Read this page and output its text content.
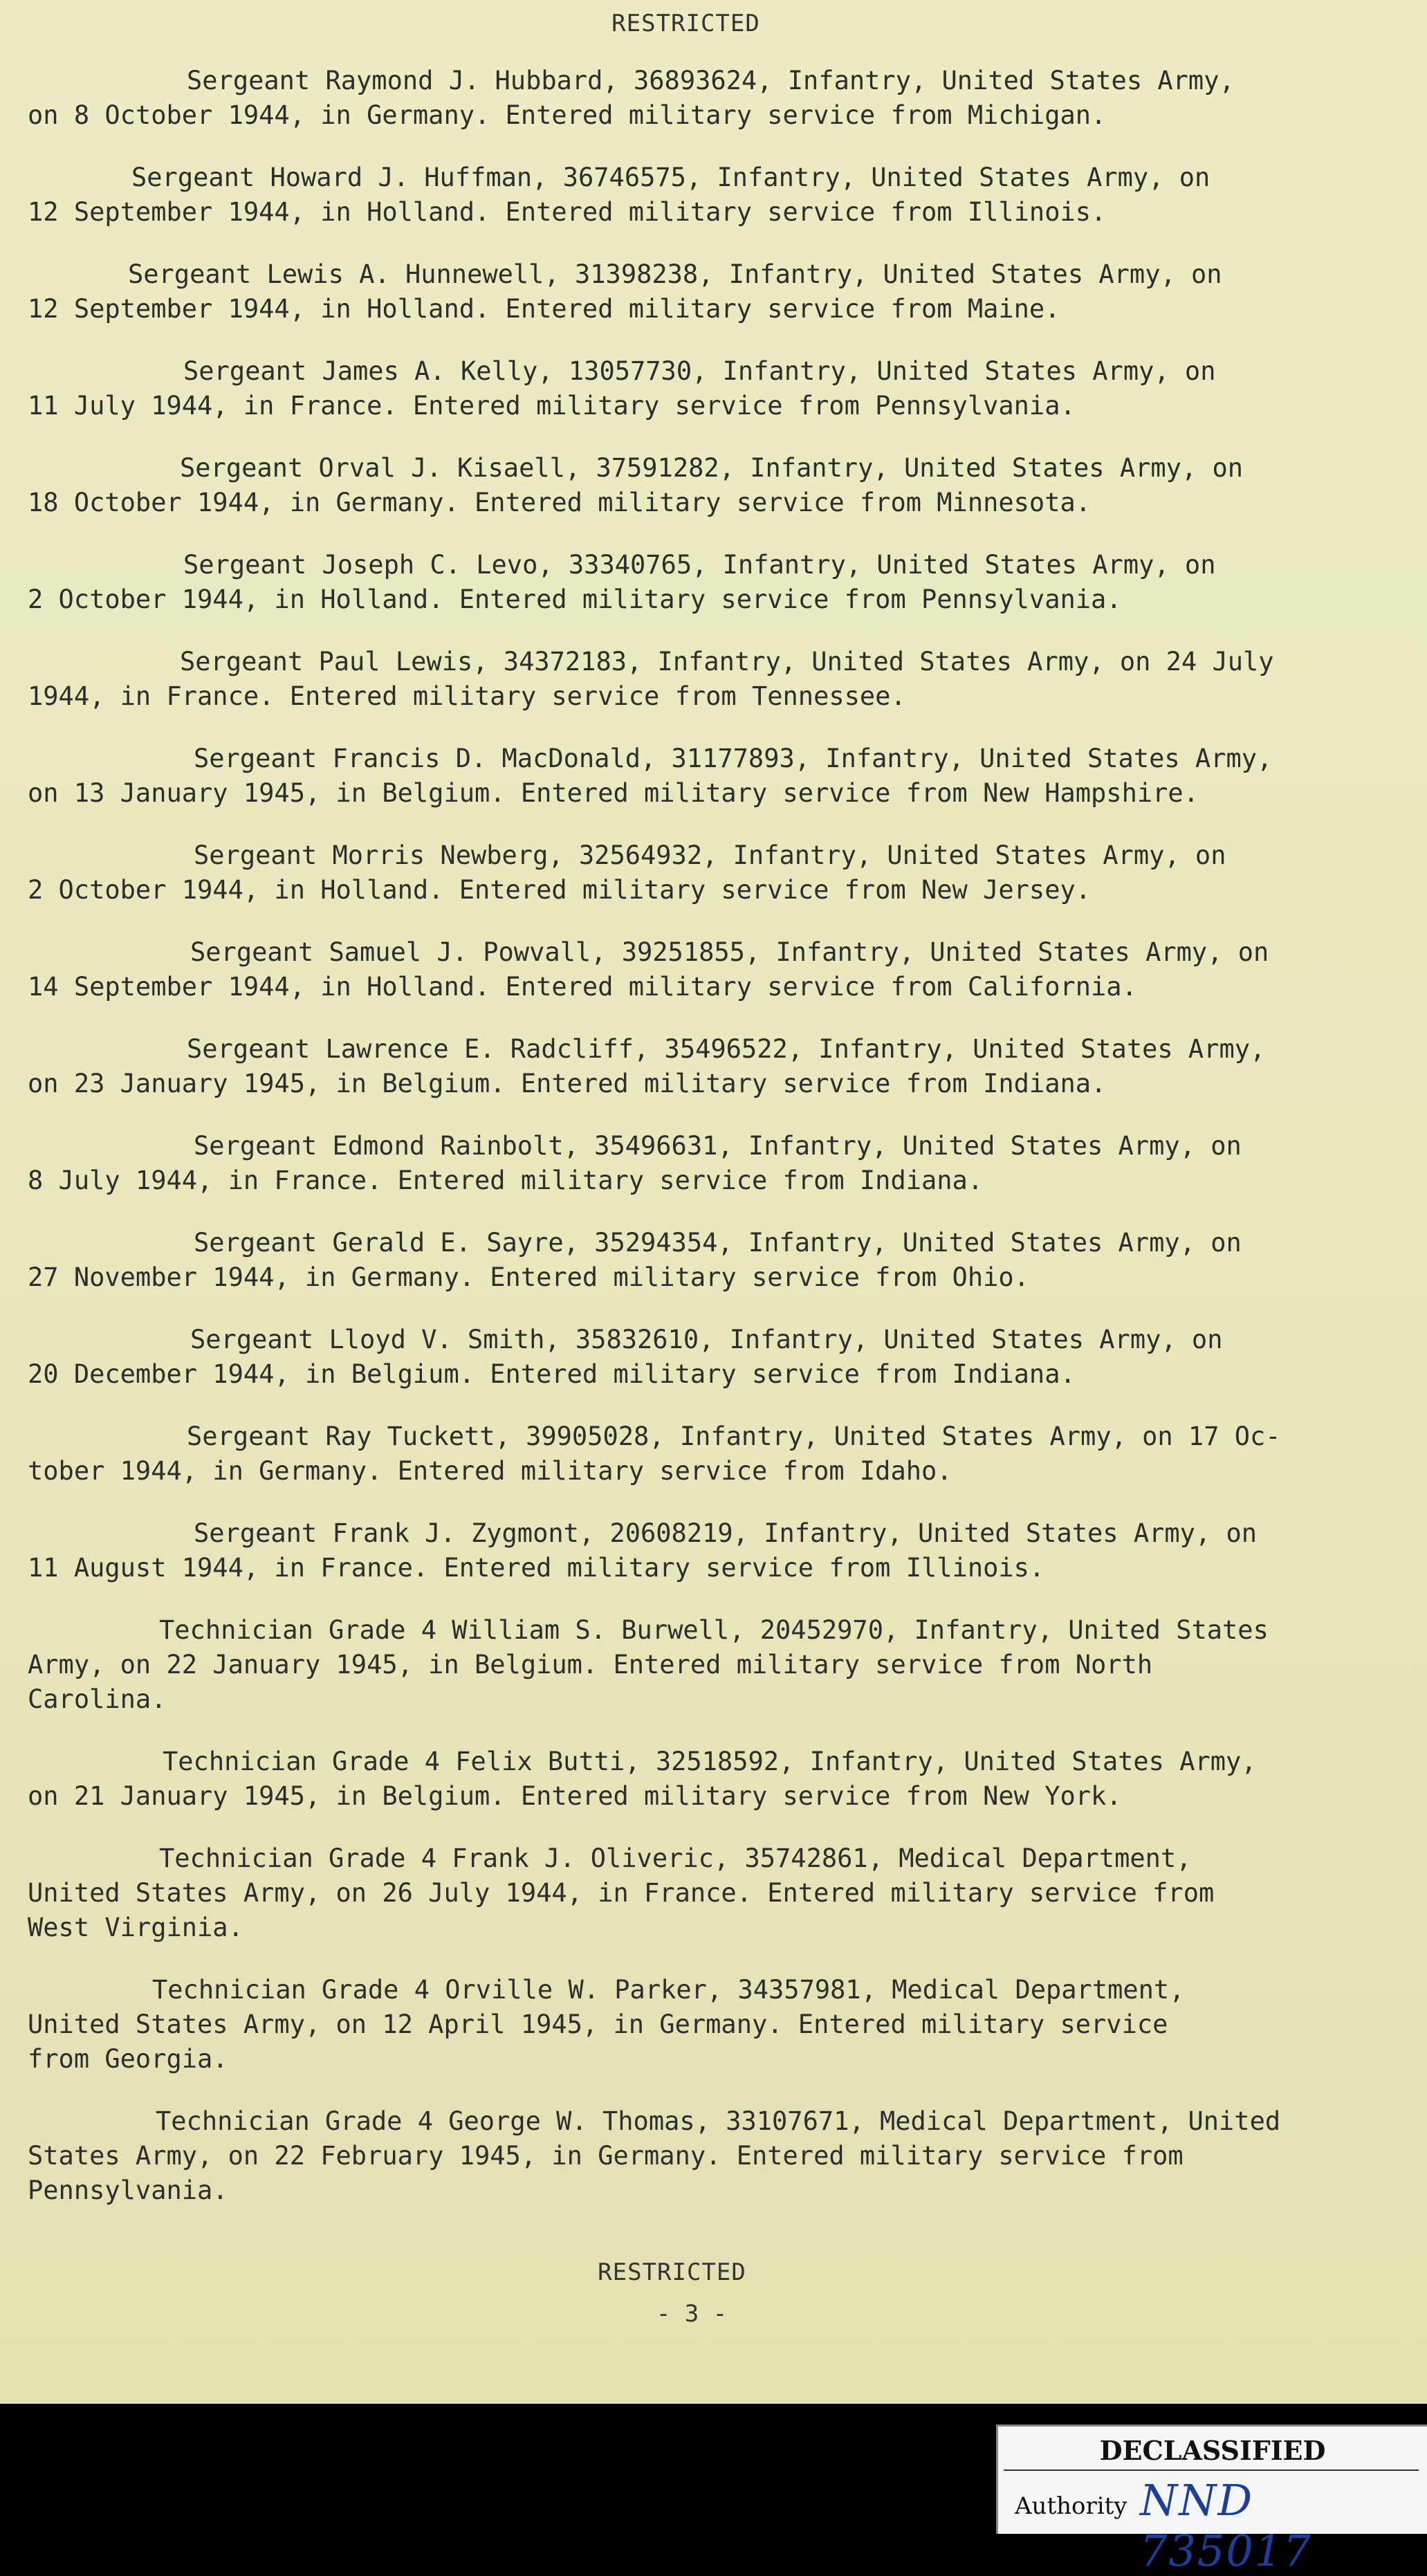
RESTRICTED
Sergeant Raymond J. Hubbard, 36893624, Infantry, United States Army,
on 8 October 1944, in Germany. Entered military service from Michigan.
Sergeant Howard J. Huffman, 36746575, Infantry, United States Army, on
12 September 1944, in Holland. Entered military service from Illinois.
Sergeant Lewis A. Hunnewell, 31398238, Infantry, United States Army, on
12 September 1944, in Holland. Entered military service from Maine.
Sergeant James A. Kelly, 13057730, Infantry, United States Army, on
11 July 1944, in France. Entered military service from Pennsylvania.
Sergeant Orval J. Kisaell, 37591282, Infantry, United States Army, on
18 October 1944, in Germany. Entered military service from Minnesota.
Sergeant Joseph C. Levo, 33340765, Infantry, United States Army, on
2 October 1944, in Holland. Entered military service from Pennsylvania.
Sergeant Paul Lewis, 34372183, Infantry, United States Army, on 24 July
1944, in France. Entered military service from Tennessee.
Sergeant Francis D. MacDonald, 31177893, Infantry, United States Army,
on 13 January 1945, in Belgium. Entered military service from New Hampshire.
Sergeant Morris Newberg, 32564932, Infantry, United States Army, on
2 October 1944, in Holland. Entered military service from New Jersey.
Sergeant Samuel J. Powvall, 39251855, Infantry, United States Army, on
14 September 1944, in Holland. Entered military service from California.
Sergeant Lawrence E. Radcliff, 35496522, Infantry, United States Army,
on 23 January 1945, in Belgium. Entered military service from Indiana.
Sergeant Edmond Rainbolt, 35496631, Infantry, United States Army, on
8 July 1944, in France. Entered military service from Indiana.
Sergeant Gerald E. Sayre, 35294354, Infantry, United States Army, on
27 November 1944, in Germany. Entered military service from Ohio.
Sergeant Lloyd V. Smith, 35832610, Infantry, United States Army, on
20 December 1944, in Belgium. Entered military service from Indiana.
Sergeant Ray Tuckett, 39905028, Infantry, United States Army, on 17 Oc-
tober 1944, in Germany. Entered military service from Idaho.
Sergeant Frank J. Zygmont, 20608219, Infantry, United States Army, on
11 August 1944, in France. Entered military service from Illinois.
Technician Grade 4 William S. Burwell, 20452970, Infantry, United States
Army, on 22 January 1945, in Belgium. Entered military service from North
Carolina.
Technician Grade 4 Felix Butti, 32518592, Infantry, United States Army,
on 21 January 1945, in Belgium. Entered military service from New York.
Technician Grade 4 Frank J. Oliveric, 35742861, Medical Department,
United States Army, on 26 July 1944, in France. Entered military service from
West Virginia.
Technician Grade 4 Orville W. Parker, 34357981, Medical Department,
United States Army, on 12 April 1945, in Germany. Entered military service
from Georgia.
Technician Grade 4 George W. Thomas, 33107671, Medical Department, United
States Army, on 22 February 1945, in Germany. Entered military service from
Pennsylvania.
RESTRICTED
- 3 -
DECLASSIFIED
Authority NND 735017
